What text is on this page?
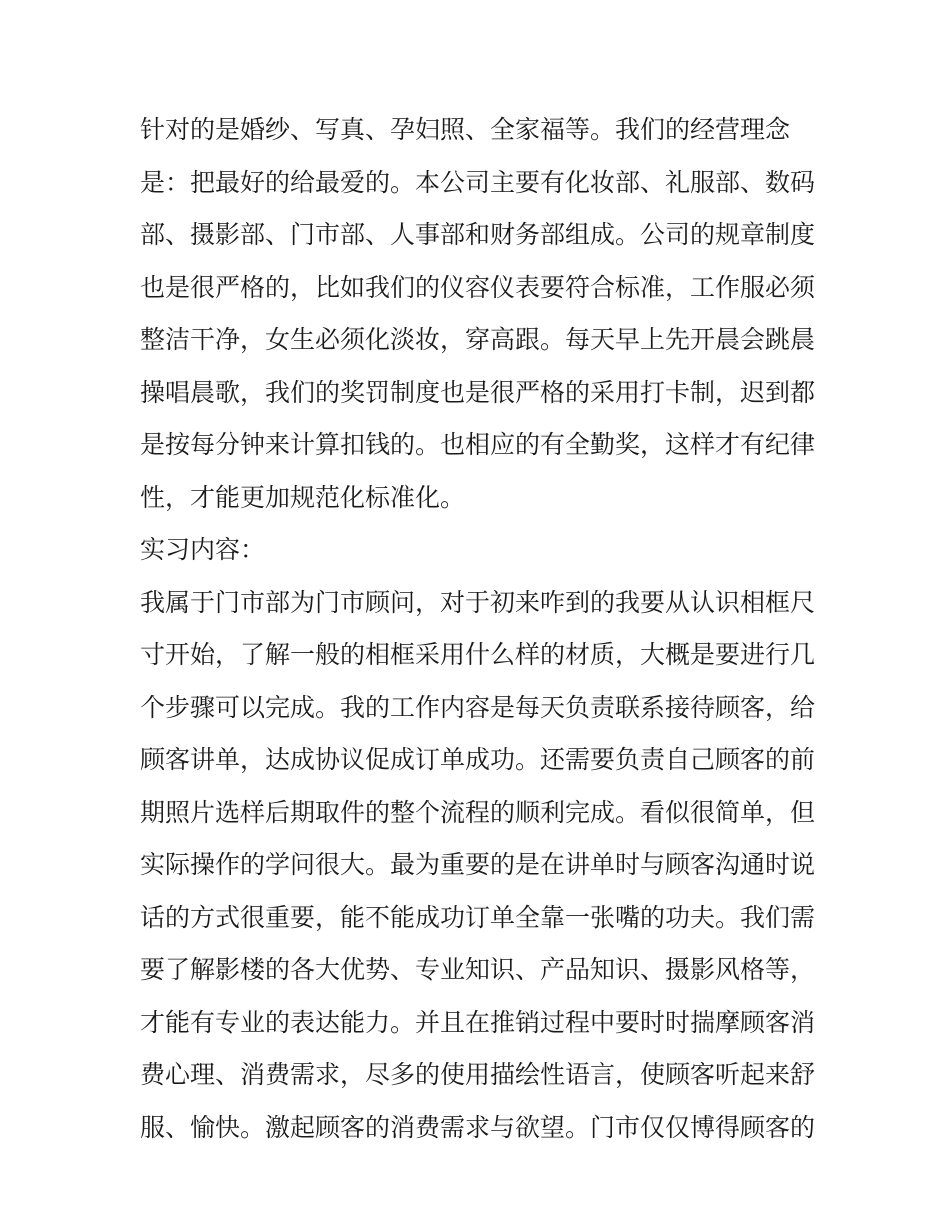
针对的是婚纱、写真、孕妇照、全家福等。我们的经营理念
是：把最好的给最爱的。本公司主要有化妆部、礼服部、数码
部、摄影部、门市部、人事部和财务部组成。公司的规章制度
也是很严格的，比如我们的仪容仪表要符合标准，工作服必须
整洁干净，女生必须化淡妆，穿高跟。每天早上先开晨会跳晨
操唱晨歌，我们的奖罚制度也是很严格的采用打卡制，迟到都
是按每分钟来计算扣钱的。也相应的有全勤奖，这样才有纪律
性，才能更加规范化标准化。
实习内容：
我属于门市部为门市顾问，对于初来咋到的我要从认识相框尺
寸开始，了解一般的相框采用什么样的材质，大概是要进行几
个步骤可以完成。我的工作内容是每天负责联系接待顾客，给
顾客讲单，达成协议促成订单成功。还需要负责自己顾客的前
期照片选样后期取件的整个流程的顺利完成。看似很简单，但
实际操作的学问很大。最为重要的是在讲单时与顾客沟通时说
话的方式很重要，能不能成功订单全靠一张嘴的功夫。我们需
要了解影楼的各大优势、专业知识、产品知识、摄影风格等，
才能有专业的表达能力。并且在推销过程中要时时揣摩顾客消
费心理、消费需求，尽多的使用描绘性语言，使顾客听起来舒
服、愉快。激起顾客的消费需求与欲望。门市仅仅博得顾客的
